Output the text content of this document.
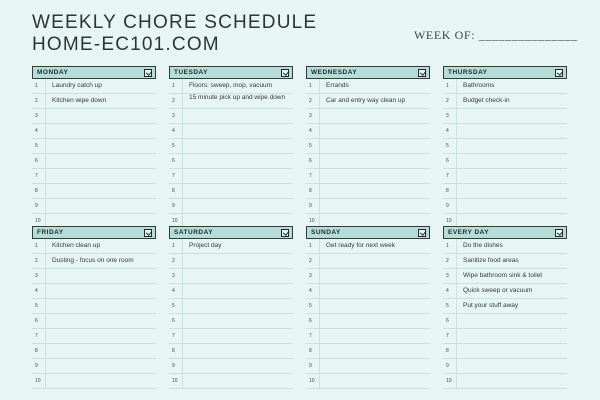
WEEKLY CHORE SCHEDULE
HOME-EC101.COM	WEEK OF: _______________
MONDAY
1	Laundry catch up
2	Kitchen wipe down
3
4
5
6
7
8
9
10
TUESDAY
1	Floors: sweep, mop, vacuum
2	15 minute pick up and wipe down
3
4
5
6
7
8
9
10
WEDNESDAY
1	Errands
2	Car and entry way clean up
3
4
5
6
7
8
9
10
THURSDAY
1	Bathrooms
2	Budget check-in
3
4
5
6
7
8
9
10
FRIDAY
1	Kitchen clean up
2	Dusting - focus on one room
3
4
5
6
7
8
9
10
SATURDAY
1	Project day
2
3
4
5
6
7
8
9
10
SUNDAY
1	Get ready for next week
2
3
4
5
6
7
8
9
10
EVERY DAY
1	Do the dishes
2	Sanitize food areas
3	Wipe bathroom sink & toilet
4	Quick sweep or vacuum
5	Put your stuff away
6
7
8
9
10
